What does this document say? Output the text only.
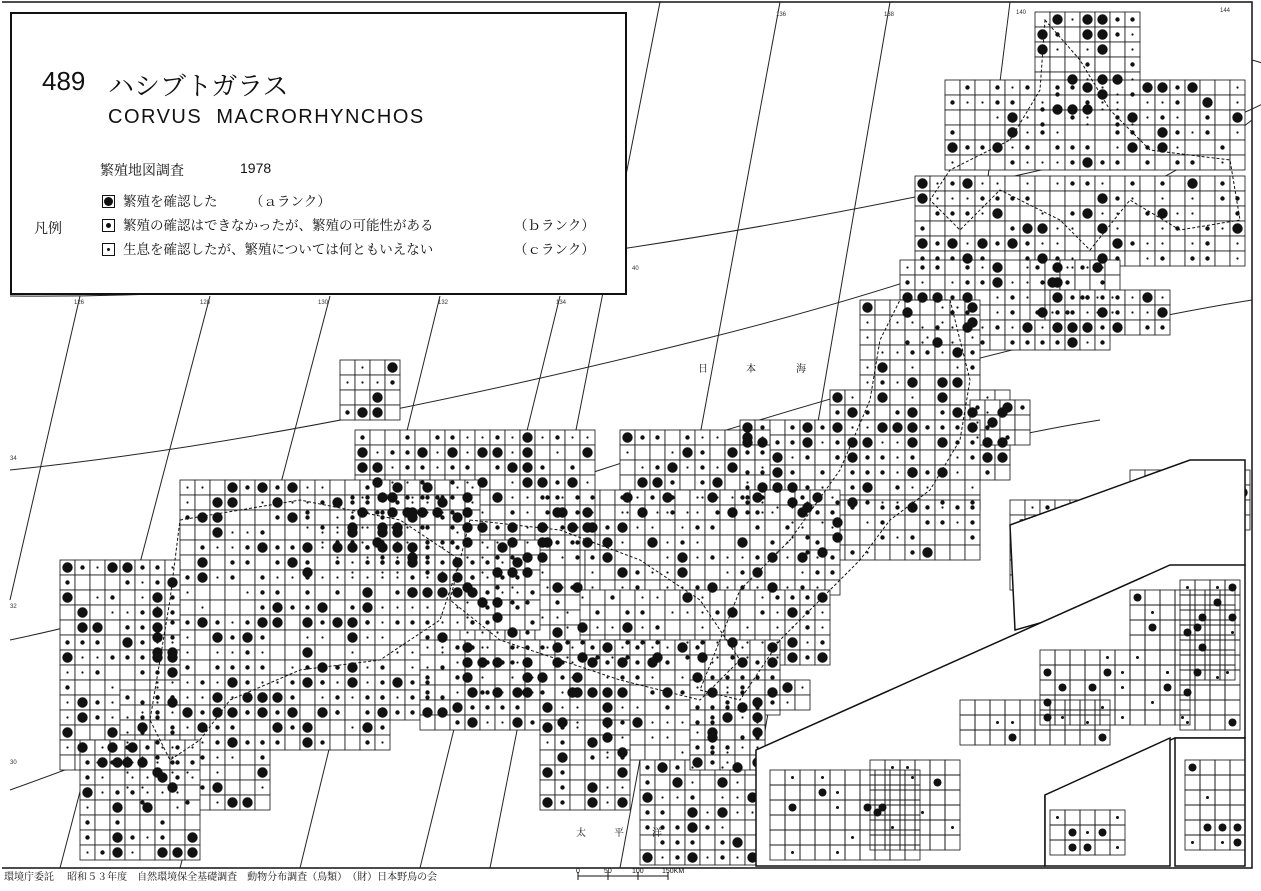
126	128	130	132	134
136	138	140	144
34
32
30
40
日	本	海
太	平	洋
489 ハシブトガラス
CORVUS  MACRORHYNCHOS
繁殖地図調査	1978
凡例
繁殖を確認した （ａランク）
繁殖の確認はできなかったが、繁殖の可能性がある	（ｂランク）
生息を確認したが、繁殖については何ともいえない	（ｃランク）
環境庁委託　 昭和５３年度　自然環境保全基礎調査　動物分布調査（鳥類）　（財）日本野鳥の会
0	50	100	150KM
